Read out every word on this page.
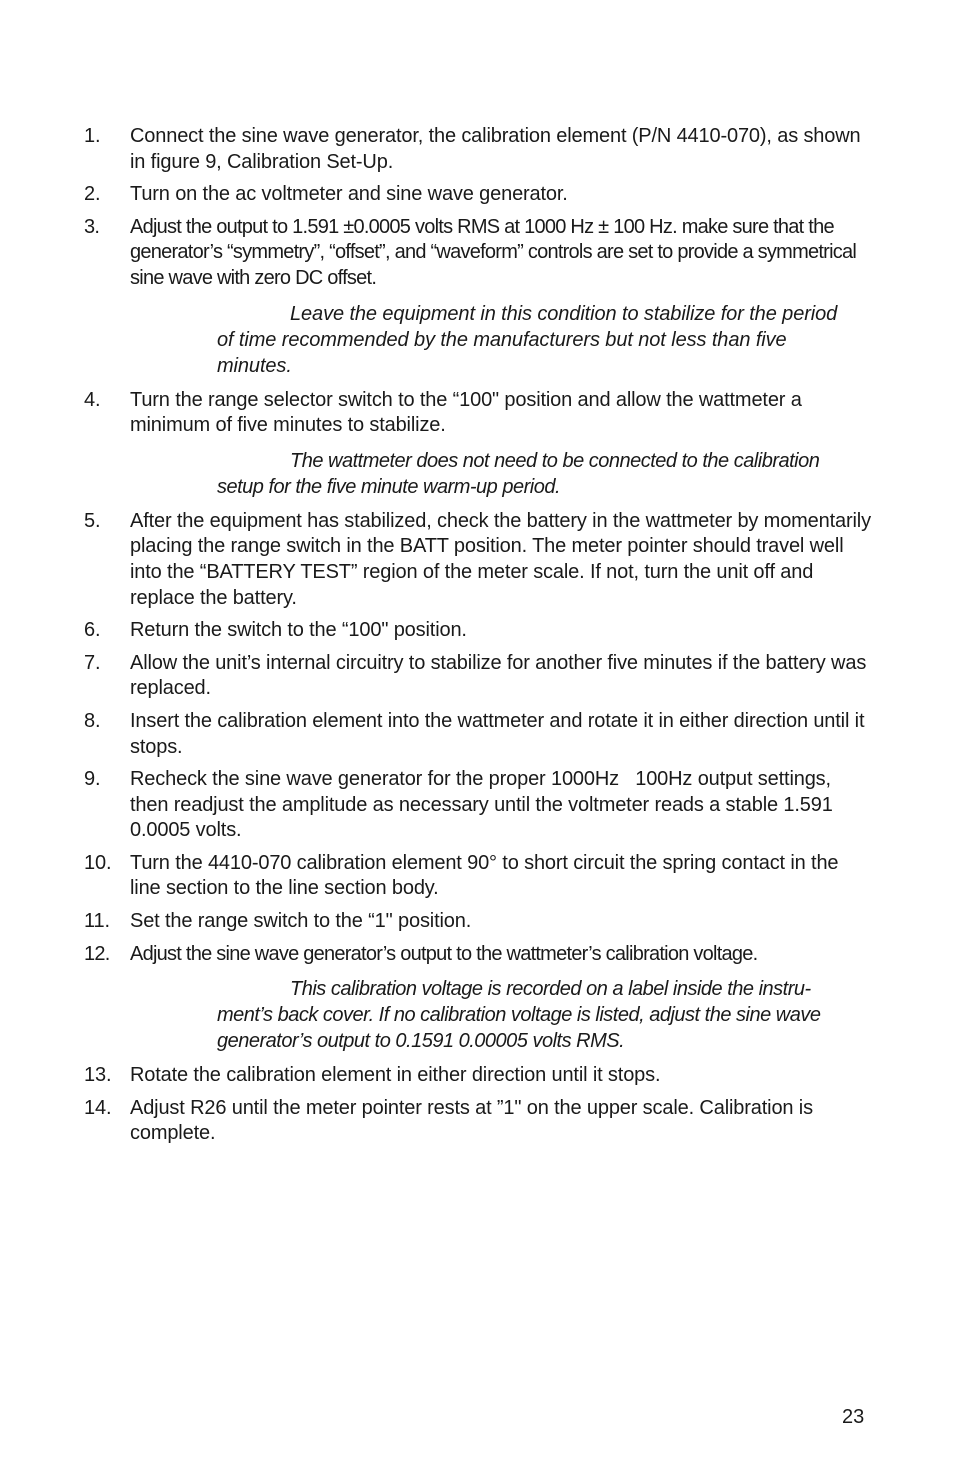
1. Connect the sine wave generator, the calibration element (P/N 4410-070), as shown in figure 9, Calibration Set-Up.
2. Turn on the ac voltmeter and sine wave generator.
3. Adjust the output to 1.591 ±0.0005 volts RMS at 1000 Hz ± 100 Hz. make sure that the generator’s “symmetry”, “offset”, and “waveform” controls are set to provide a symmetrical sine wave with zero DC offset.
Leave the equipment in this condition to stabilize for the period of time recommended by the manufacturers but not less than five minutes.
4. Turn the range selector switch to the “100" position and allow the wattmeter a minimum of five minutes to stabilize.
The wattmeter does not need to be connected to the calibration setup for the five minute warm-up period.
5. After the equipment has stabilized, check the battery in the wattmeter by momentarily placing the range switch in the BATT position. The meter pointer should travel well into the “BATTERY TEST” region of the meter scale. If not, turn the unit off and replace the battery.
6. Return the switch to the “100" position.
7. Allow the unit’s internal circuitry to stabilize for another five minutes if the battery was replaced.
8. Insert the calibration element into the wattmeter and rotate it in either direction until it stops.
9. Recheck the sine wave generator for the proper 1000Hz   100Hz output settings, then readjust the amplitude as necessary until the voltmeter reads a stable 1.591    0.0005 volts.
10. Turn the 4410-070 calibration element 90° to short circuit the spring contact in the line section to the line section body.
11. Set the range switch to the “1" position.
12. Adjust the sine wave generator’s output to the wattmeter’s calibration voltage.
This calibration voltage is recorded on a label inside the instrument’s back cover. If no calibration voltage is listed, adjust the sine wave generator’s output to 0.1591 0.00005 volts RMS.
13. Rotate the calibration element in either direction until it stops.
14. Adjust R26 until the meter pointer rests at ”1" on the upper scale. Calibration is complete.
23
